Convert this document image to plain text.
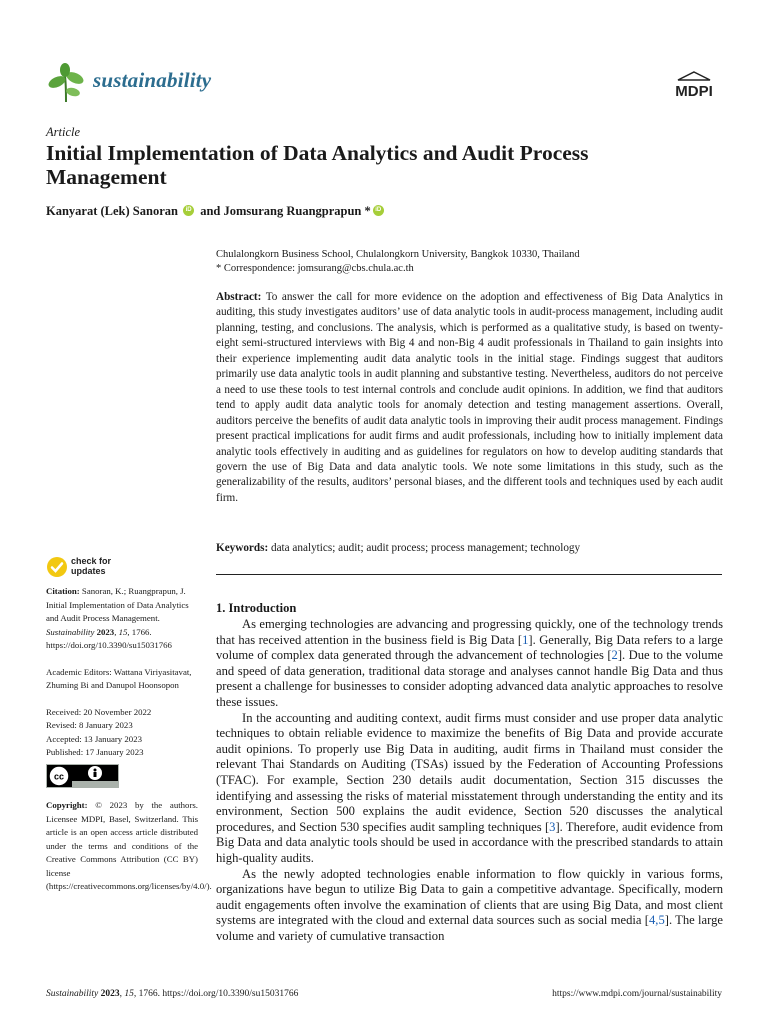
sustainability	MDPI
Article
Initial Implementation of Data Analytics and Audit Process Management
Kanyarat (Lek) Sanoran iD and Jomsurang Ruangprapun *iD
Chulalongkorn Business School, Chulalongkorn University, Bangkok 10330, Thailand
* Correspondence: jomsurang@cbs.chula.ac.th
Abstract: To answer the call for more evidence on the adoption and effectiveness of Big Data Analytics in auditing, this study investigates auditors’ use of data analytic tools in audit-process management, including audit planning, testing, and conclusions. The analysis, which is performed as a qualitative study, is based on twenty-eight semi-structured interviews with Big 4 and non-Big 4 audit professionals in Thailand to gain insights into their experience implementing audit data analytic tools in the initial stage. Findings suggest that auditors primarily use data analytic tools in audit planning and substantive testing. Nevertheless, auditors do not perceive a need to use these tools to test internal controls and conclude audit opinions. In addition, we find that auditors tend to apply audit data analytic tools for anomaly detection and testing management assertions. Overall, auditors perceive the benefits of audit data analytic tools in improving their audit process management. Findings present practical implications for audit firms and audit professionals, including how to initially implement data analytic tools effectively in auditing and as guidelines for regulators on how to develop auditing standards that govern the use of Big Data and data analytic tools. We note some limitations in this study, such as the generalizability of the results, auditors’ personal biases, and the different tools and techniques used by each audit firm.
Keywords: data analytics; audit; audit process; process management; technology
check for
updates

Citation: Sanoran, K.; Ruangprapun, J. Initial Implementation of Data Analytics and Audit Process Management. Sustainability 2023, 15, 1766. https://doi.org/10.3390/su15031766

Academic Editors: Wattana Viriyasitavat, Zhuming Bi and Danupol Hoonsopon

Received: 20 November 2022

Revised: 8 January 2023

Accepted: 13 January 2023

Published: 17 January 2023

cc

Copyright: © 2023 by the authors. Licensee MDPI, Basel, Switzerland. This article is an open access article distributed under the terms and conditions of the Creative Commons Attribution (CC BY) license (https://creativecommons.org/licenses/by/4.0/).

1. Introduction

As emerging technologies are advancing and progressing quickly, one of the technology trends that has received attention in the business field is Big Data [1]. Generally, Big Data refers to a large volume of complex data generated through the advancement of technologies [2]. Due to the volume and speed of data generation, traditional data storage and analyses cannot handle Big Data and thus present a challenge for businesses to consider adopting advanced data analytic approaches to resolve these issues.

In the accounting and auditing context, audit firms must consider and use proper data analytic techniques to obtain reliable evidence to maximize the benefits of Big Data and provide accurate audit opinions. To properly use Big Data in auditing, audit firms in Thailand must consider the relevant Thai Standards on Auditing (TSAs) issued by the Federation of Accounting Professions (TFAC). For example, Section 230 details audit documentation, Section 315 discusses the identifying and assessing the risks of material misstatement through understanding the entity and its environment, Section 500 explains the audit evidence, Section 520 discusses the analytical procedures, and Section 530 specifies audit sampling techniques [3]. Therefore, audit evidence from Big Data and data analytic tools should be used in accordance with the prescribed standards to attain high-quality audits.

As the newly adopted technologies enable information to flow quickly in various forms, organizations have begun to utilize Big Data to gain a competitive advantage. Specifically, modern audit engagements often involve the examination of clients that are using Big Data, and most client systems are integrated with the cloud and external data sources such as social media [4,5]. The large volume and variety of cumulative transaction

Sustainability 2023, 15, 1766. https://doi.org/10.3390/su15031766	https://www.mdpi.com/journal/sustainability
